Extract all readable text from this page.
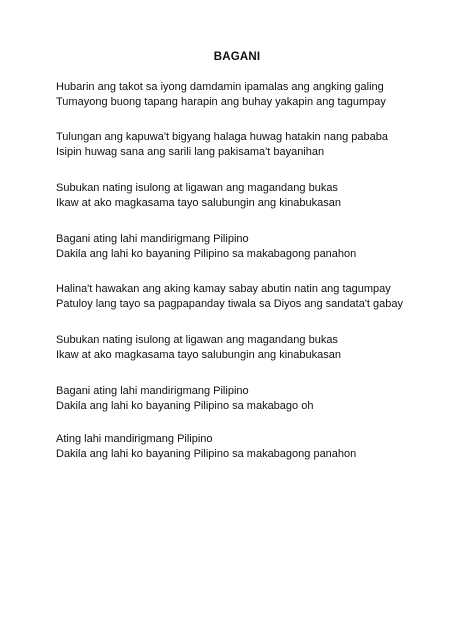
BAGANI
Hubarin ang takot sa iyong damdamin ipamalas ang angking galing
Tumayong buong tapang harapin ang buhay yakapin ang tagumpay
Tulungan ang kapuwa't bigyang halaga huwag hatakin nang pababa
Isipin huwag sana ang sarili lang pakisama't bayanihan
Subukan nating isulong at ligawan ang magandang bukas
Ikaw at ako magkasama tayo salubungin ang kinabukasan
Bagani ating lahi mandirigmang Pilipino
Dakila ang lahi ko bayaning Pilipino sa makabagong panahon
Halina't hawakan ang aking kamay sabay abutin natin ang tagumpay
Patuloy lang tayo sa pagpapanday tiwala sa Diyos ang sandata't gabay
Subukan nating isulong at ligawan ang magandang bukas
Ikaw at ako magkasama tayo salubungin ang kinabukasan
Bagani ating lahi mandirigmang Pilipino
Dakila ang lahi ko bayaning Pilipino sa makabago oh
Ating lahi mandirigmang Pilipino
Dakila ang lahi ko bayaning Pilipino sa makabagong panahon
